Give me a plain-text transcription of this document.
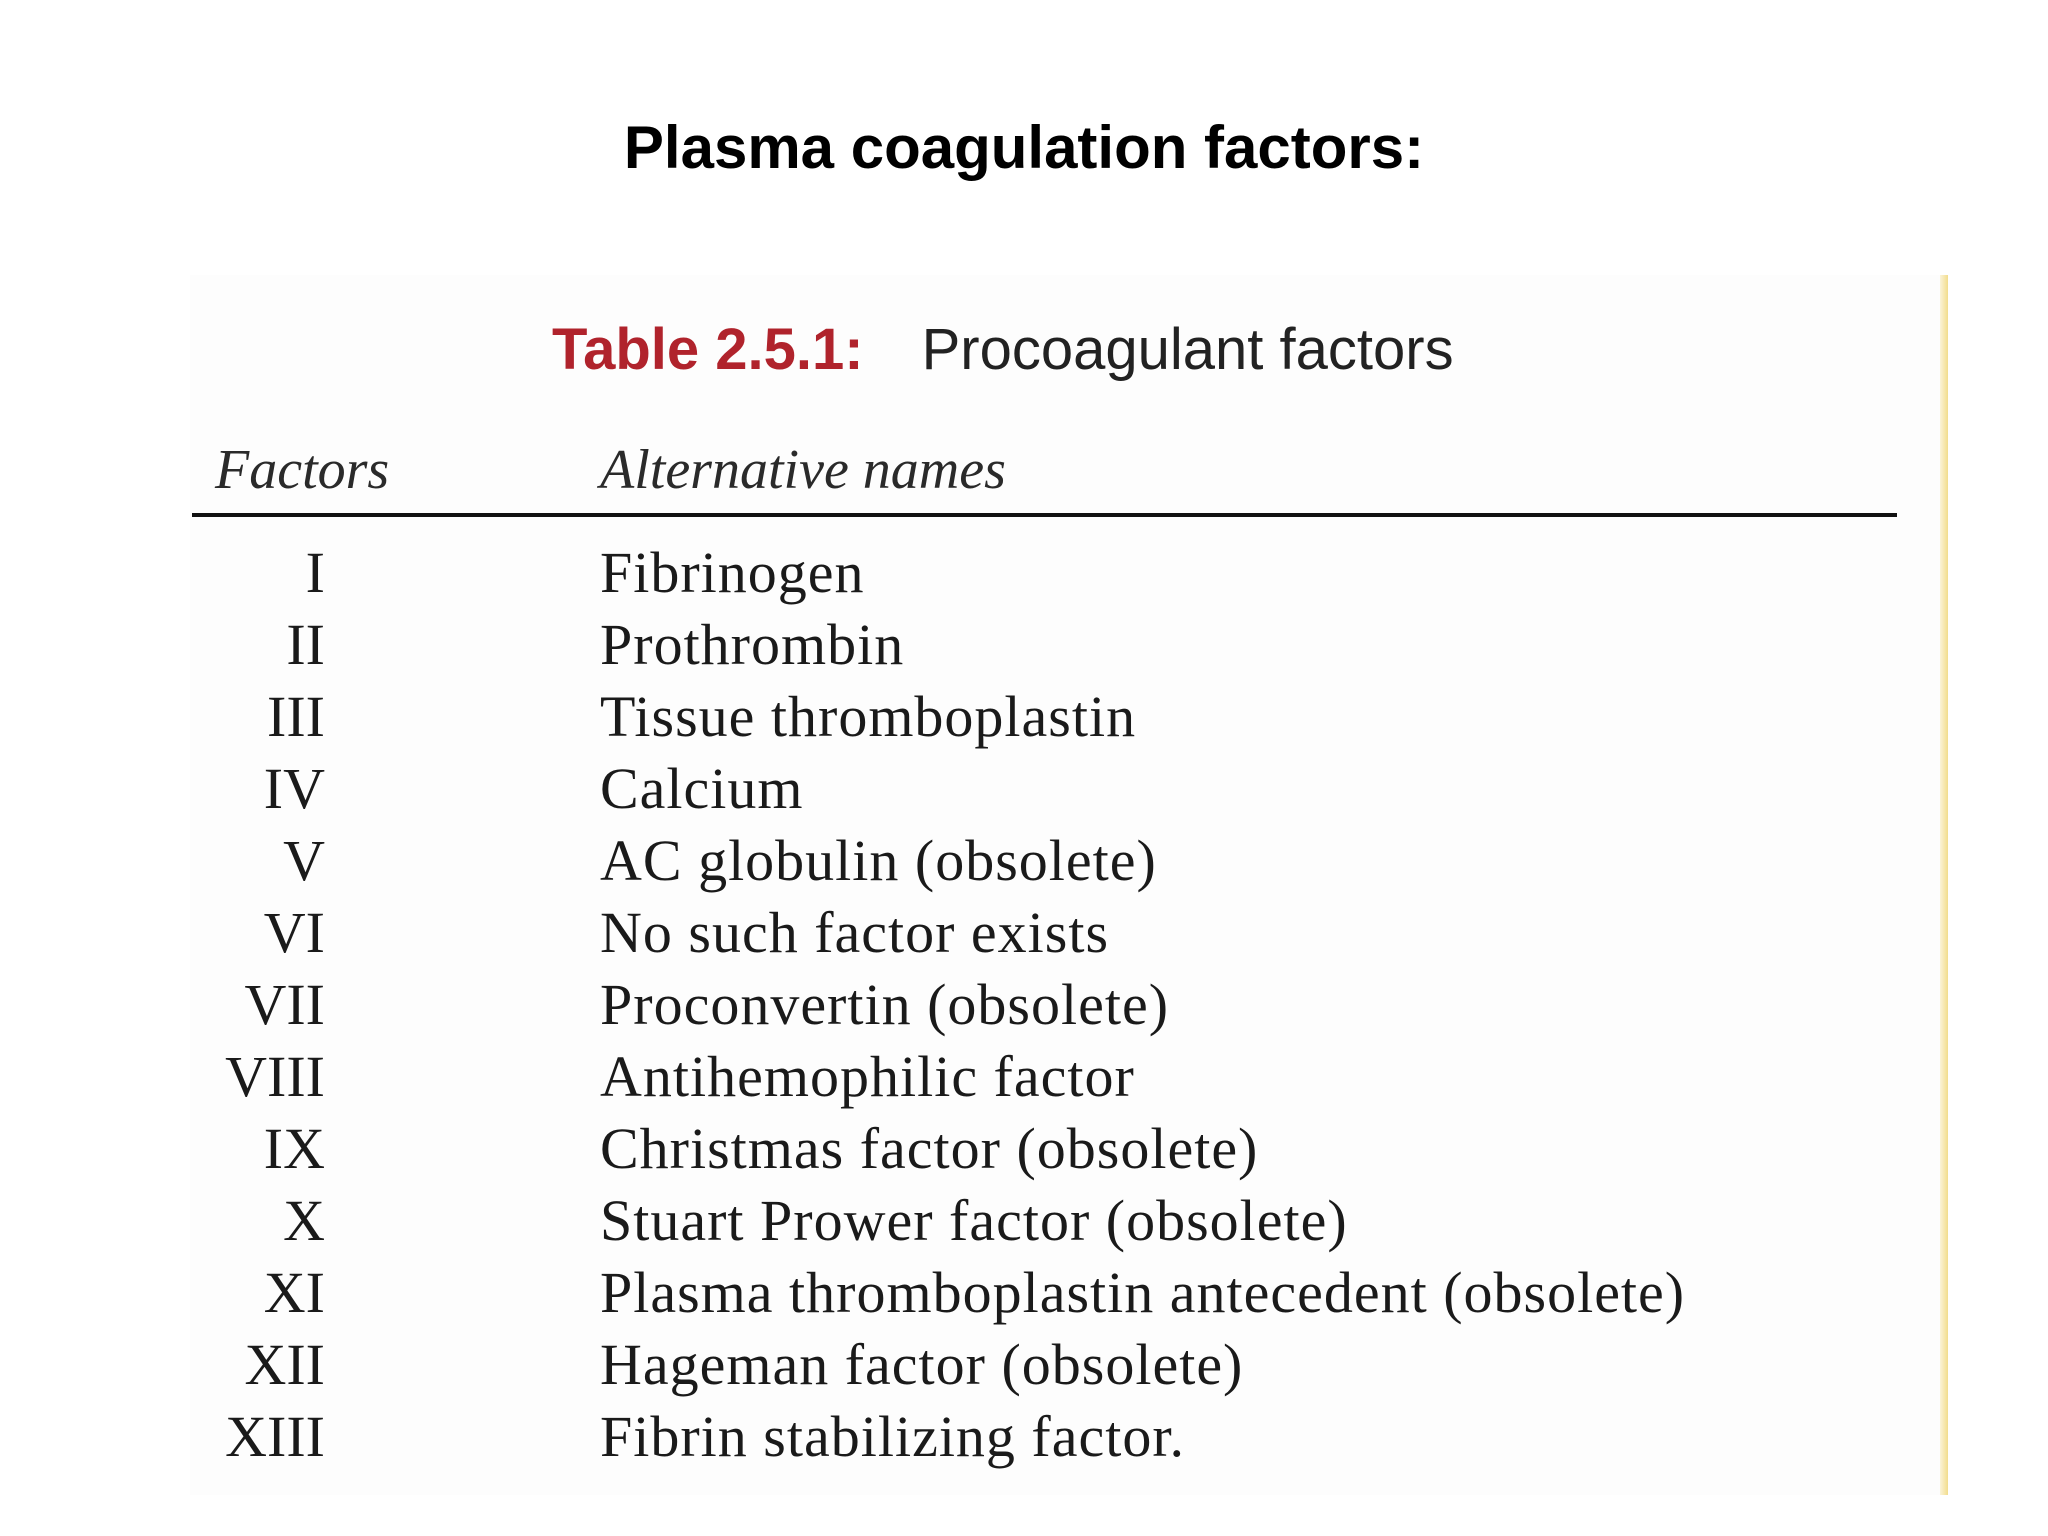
Plasma coagulation factors:
Table 2.5.1: Procoagulant factors
Factors	Alternative names
I	Fibrinogen
II	Prothrombin
III	Tissue thromboplastin
IV	Calcium
V	AC globulin (obsolete)
VI	No such factor exists
VII	Proconvertin (obsolete)
VIII	Antihemophilic factor
IX	Christmas factor (obsolete)
X	Stuart Prower factor (obsolete)
XI	Plasma thromboplastin antecedent (obsolete)
XII	Hageman factor (obsolete)
XIII	Fibrin stabilizing factor.
